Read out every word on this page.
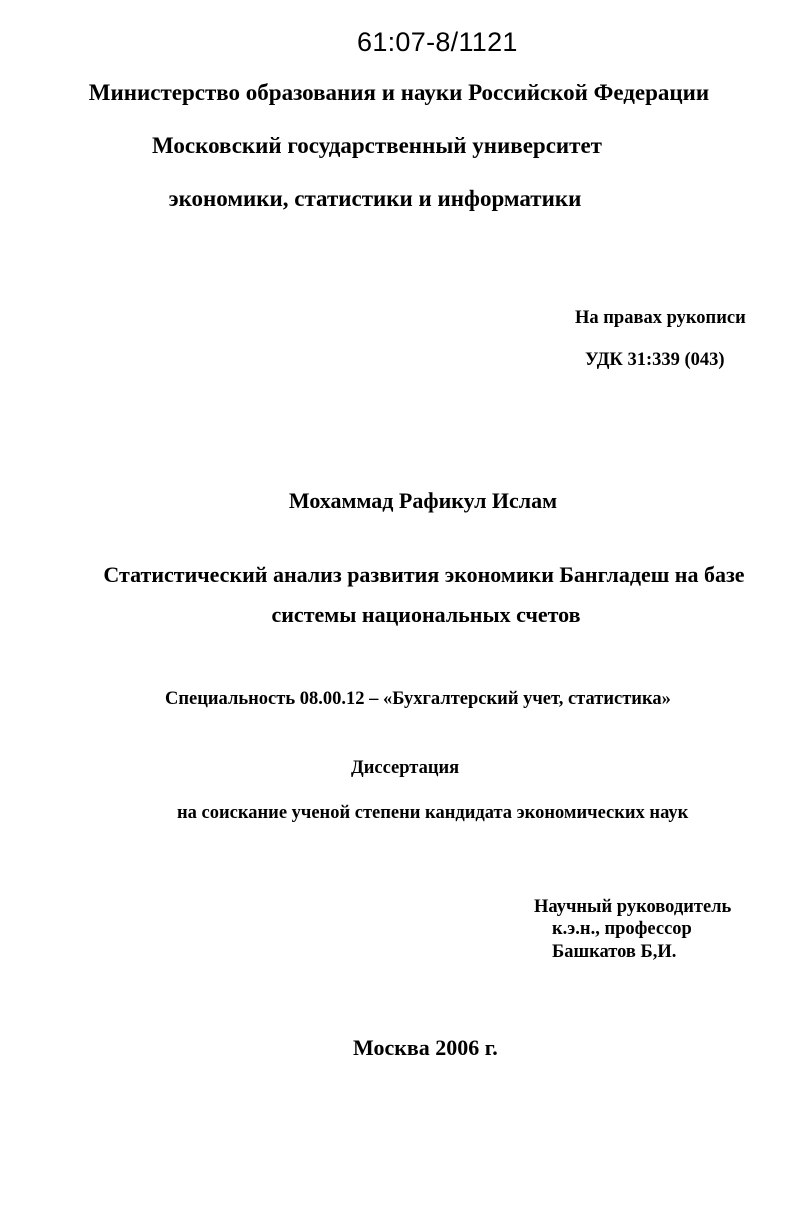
61:07-8/1121
Министерство образования и науки Российской Федерации
Московский государственный университет
экономики, статистики и информатики
На правах рукописи
УДК 31:339 (043)
Мохаммад Рафикул Ислам
Статистический анализ развития экономики Бангладеш на базе
системы национальных счетов
Специальность 08.00.12 – «Бухгалтерский учет, статистика»
Диссертация
на соискание ученой степени кандидата экономических наук
Научный руководитель
к.э.н., профессор
Башкатов Б,И.
Москва 2006 г.
